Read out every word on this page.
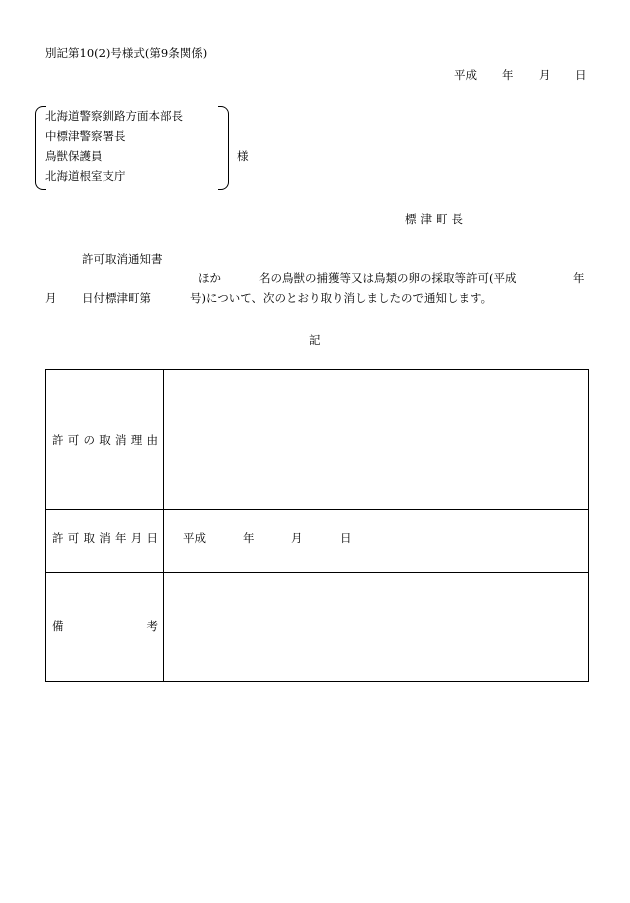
別記第10(2)号様式(第9条関係)
平成 年 月 日
北海道警察釧路方面本部長
中標津警察署長
鳥獣保護員
北海道根室支庁
様
標津町長
許可取消通知書
ほか	名の鳥獣の捕獲等又は鳥類の卵の採取等許可(平成	年
月 日付標津町第	号)について、次のとおり取り消しましたので通知します。
記
許 可 の 取 消 理 由
許 可 取 消 年 月 日 平成	年	月	日
備	考
